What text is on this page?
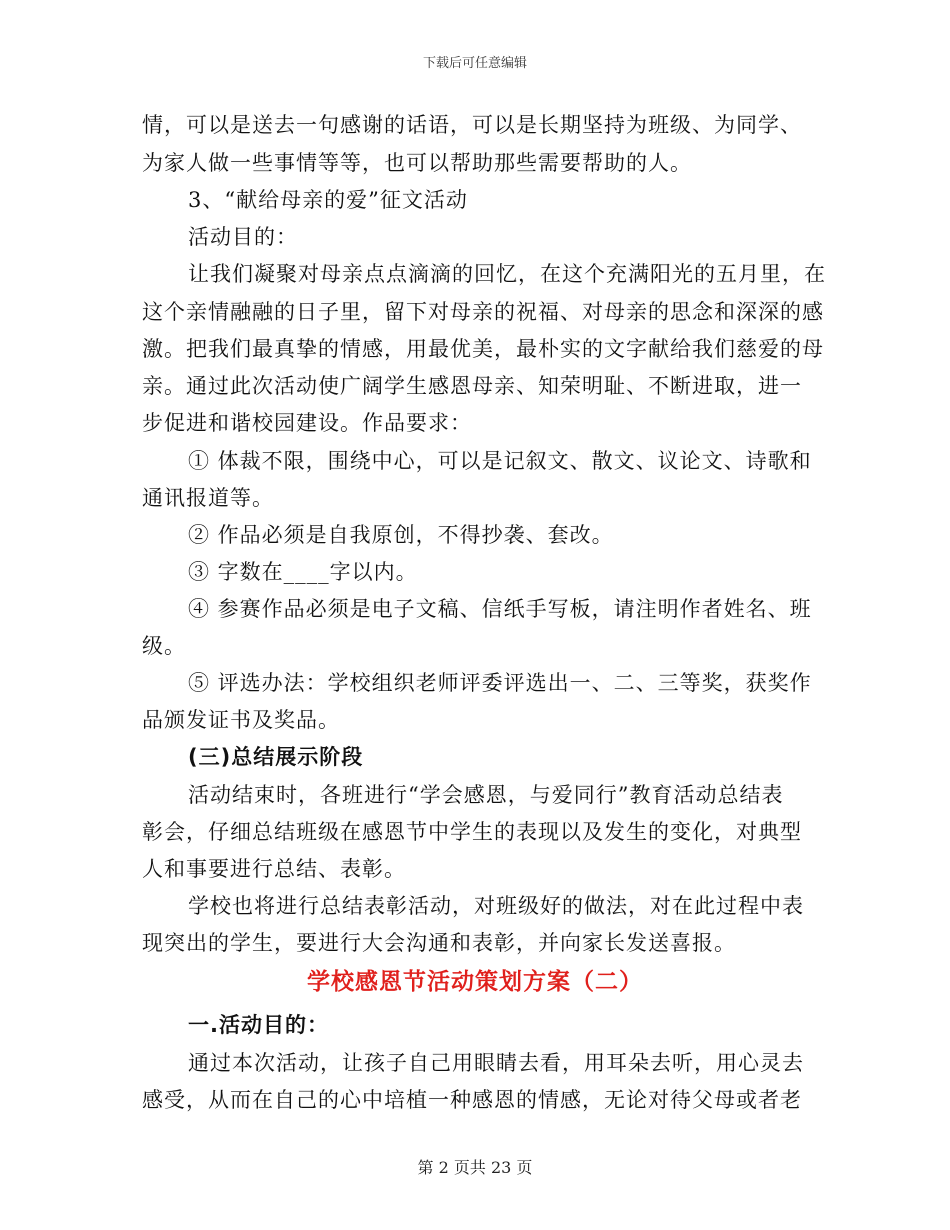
下载后可任意编辑
情，可以是送去一句感谢的话语，可以是长期坚持为班级、为同学、
为家人做一些事情等等，也可以帮助那些需要帮助的人。
3、“献给母亲的爱”征文活动
活动目的：
让我们凝聚对母亲点点滴滴的回忆，在这个充满阳光的五月里，在
这个亲情融融的日子里，留下对母亲的祝福、对母亲的思念和深深的感
激。把我们最真挚的情感，用最优美，最朴实的文字献给我们慈爱的母
亲。通过此次活动使广阔学生感恩母亲、知荣明耻、不断进取，进一
步促进和谐校园建设。作品要求：
① 体裁不限，围绕中心，可以是记叙文、散文、议论文、诗歌和
通讯报道等。
② 作品必须是自我原创，不得抄袭、套改。
③ 字数在____字以内。
④ 参赛作品必须是电子文稿、信纸手写板，请注明作者姓名、班
级。
⑤ 评选办法：学校组织老师评委评选出一、二、三等奖，获奖作
品颁发证书及奖品。
(三)总结展示阶段
活动结束时，各班进行“学会感恩，与爱同行”教育活动总结表
彰会，仔细总结班级在感恩节中学生的表现以及发生的变化，对典型
人和事要进行总结、表彰。
学校也将进行总结表彰活动，对班级好的做法，对在此过程中表
现突出的学生，要进行大会沟通和表彰，并向家长发送喜报。
学校感恩节活动策划方案（二）
一.活动目的：
通过本次活动，让孩子自己用眼睛去看，用耳朵去听，用心灵去
感受，从而在自己的心中培植一种感恩的情感，无论对待父母或者老
第 2 页共 23 页
